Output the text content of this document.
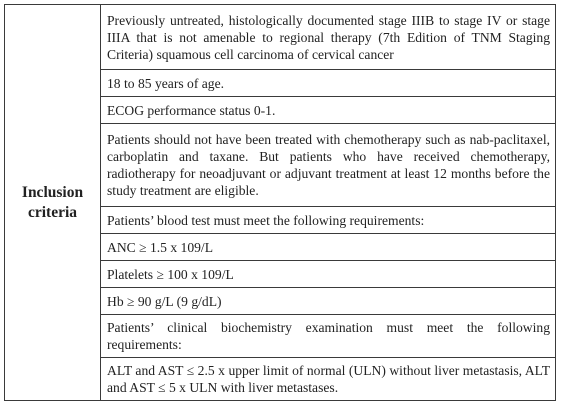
Inclusion criteria	
Previously untreated, histologically documented stage IIIB to stage IV or stage IIIA that is not amenable to regional therapy (7th Edition of TNM Staging Criteria) squamous cell carcinoma of cervical cancer

18 to 85 years of age.

ECOG performance status 0-1.

Patients should not have been treated with chemotherapy such as nab-paclitaxel, carboplatin and taxane. But patients who have received chemotherapy, radiotherapy for neoadjuvant or adjuvant treatment at least 12 months before the study treatment are eligible.

Patients’ blood test must meet the following requirements:

ANC ≥ 1.5 x 109/L

Platelets ≥ 100 x 109/L

Hb ≥ 90 g/L (9 g/dL)

Patients’ clinical biochemistry examination must meet the following requirements:

ALT and AST ≤ 2.5 x upper limit of normal (ULN) without liver metastasis, ALT and AST ≤ 5 x ULN with liver metastases.
